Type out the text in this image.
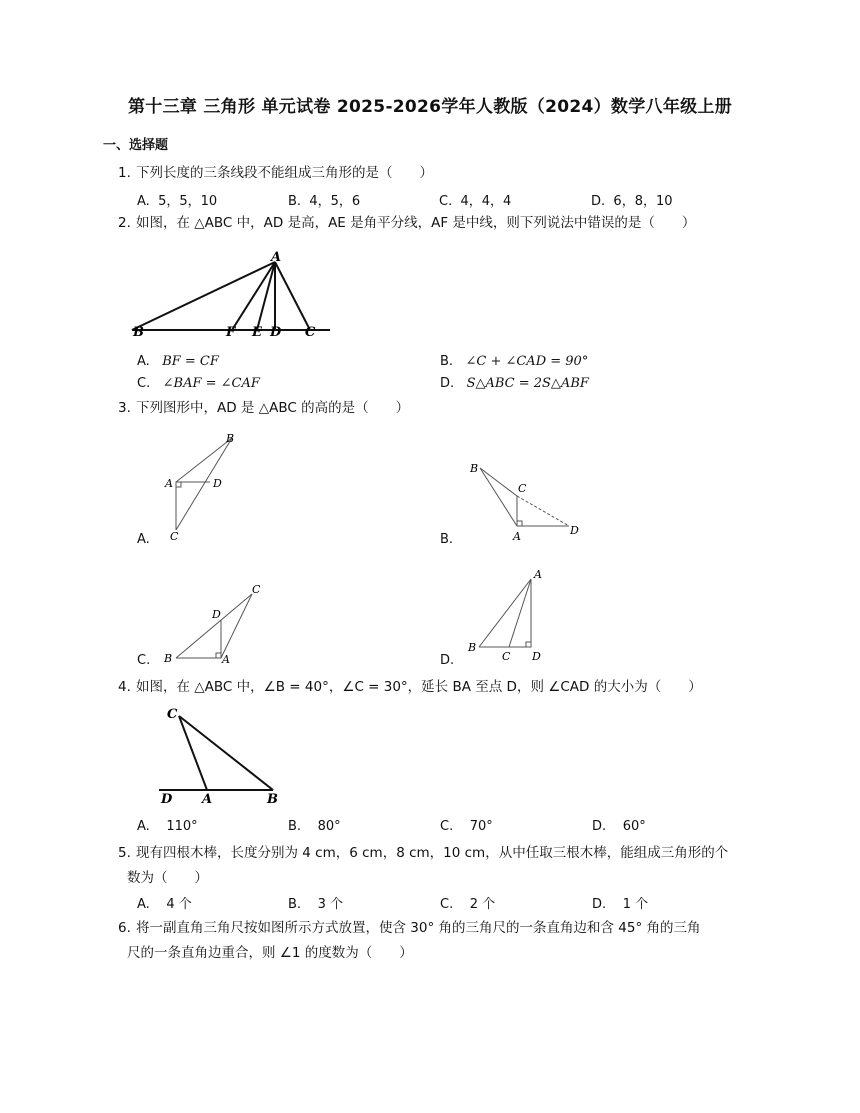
第十三章 三角形 单元试卷 2025-2026学年人教版（2024）数学八年级上册
一、选择题
1. 下列长度的三条线段不能组成三角形的是（　　）
A. 5，5，10	B. 4，5，6	C. 4，4，4	D. 6，8，10
2. 如图，在 △ABC 中，AD 是高，AE 是角平分线，AF 是中线，则下列说法中错误的是（　　）
A
B	F E D C
A. BF = CF	B. ∠C + ∠CAD = 90°
C. ∠BAF = ∠CAF	D. S△ABC = 2S△ABF
3. 下列图形中，AD 是 △ABC 的高的是（　　）
B
A	D
C
A.
B
C
A	D
B.
B
D
C
A
C.
A
B
C D
D.
4. 如图，在 △ABC 中，∠B = 40°，∠C = 30°，延长 BA 至点 D，则 ∠CAD 的大小为（　　）
C
D A	B
A. 110°	B. 80°	C. 70°	D. 60°
5. 现有四根木棒，长度分别为 4 cm，6 cm，8 cm，10 cm，从中任取三根木棒，能组成三角形的个
数为（　　）
A. 4 个	B. 3 个	C. 2 个	D. 1 个
6. 将一副直角三角尺按如图所示方式放置，使含 30° 角的三角尺的一条直角边和含 45° 角的三角
尺的一条直角边重合，则 ∠1 的度数为（　　）
